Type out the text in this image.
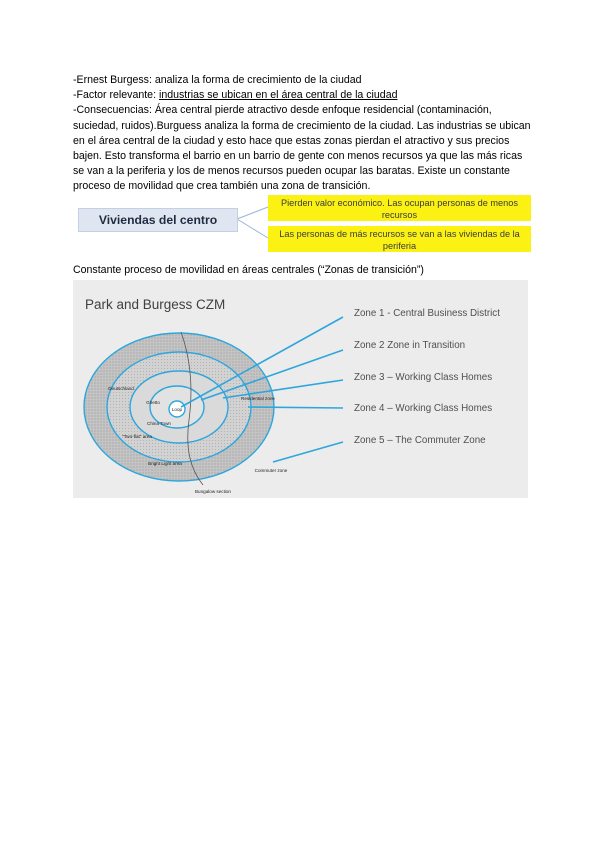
-Ernest Burgess: analiza la forma de crecimiento de la ciudad

-Factor relevante: industrias se ubican en el área central de la ciudad

-Consecuencias: Área central pierde atractivo desde enfoque residencial (contaminación, suciedad, ruidos).Burguess analiza la forma de crecimiento de la ciudad. Las industrias se ubican en el área central de la ciudad y esto hace que estas zonas pierdan el atractivo y sus precios bajen. Esto transforma el barrio en un barrio de gente con menos recursos ya que las más ricas se van a la periferia y los de menos recursos pueden ocupar las baratas. Existe un constante proceso de movilidad que crea también una zona de transición.

Viviendas del centro
Pierden valor económico. Las ocupan personas de menos recursos
Las personas de más recursos se van a las viviendas de la periferia
Constante proceso de movilidad en áreas centrales (“Zonas de transición”)
Park and Burgess CZM
Zone 1 - Central Business District
Zone 2 Zone in Transition
Zone 3 – Working Class Homes
Zone 4 – Working Class Homes
Zone 5 – The Commuter Zone
Loop
Deutschland
Ghetto
China Town
"Two-flat" area
Residential zone
Bright Light area
Bungalow section
Commuter zone
